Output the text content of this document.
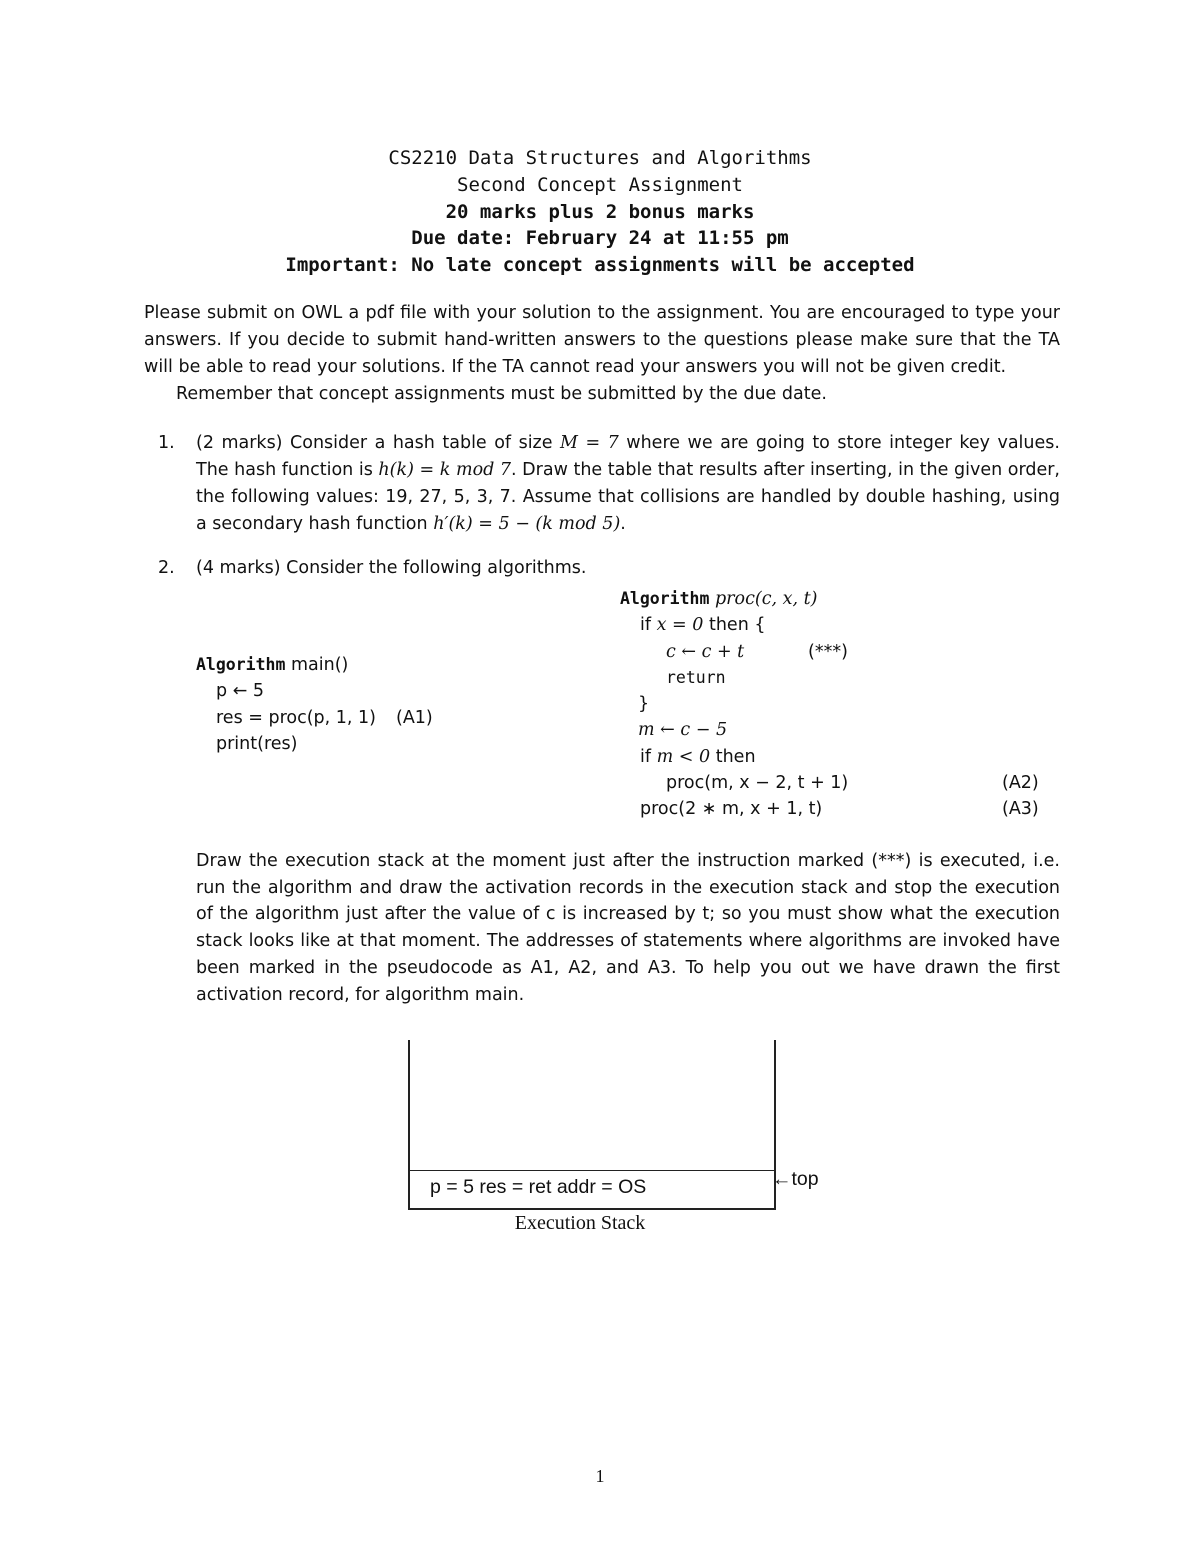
CS2210 Data Structures and Algorithms
Second Concept Assignment
20 marks plus 2 bonus marks
Due date: February 24 at 11:55 pm
Important: No late concept assignments will be accepted

Please submit on OWL a pdf file with your solution to the assignment. You are encouraged to type your answers. If you decide to submit hand-written answers to the questions please make sure that the TA will be able to read your solutions. If the TA cannot read your answers you will not be given credit.

Remember that concept assignments must be submitted by the due date.

1. (2 marks) Consider a hash table of size M = 7 where we are going to store integer key values. The hash function is h(k) = k mod 7. Draw the table that results after inserting, in the given order, the following values: 19, 27, 5, 3, 7. Assume that collisions are handled by double hashing, using a secondary hash function h′(k) = 5 − (k mod 5).
2. (4 marks) Consider the following algorithms.
Algorithm main()
p ← 5
res = proc(p, 1, 1) (A1)
print(res)
Algorithm proc(c, x, t)
if x = 0 then {
c ← c + t	(***)
return
}
m ← c − 5
if m < 0 then
proc(m, x − 2, t + 1)	(A2)
proc(2 ∗ m, x + 1, t)	(A3)
Draw the execution stack at the moment just after the instruction marked (***) is executed, i.e. run the algorithm and draw the activation records in the execution stack and stop the execution of the algorithm just after the value of c is increased by t; so you must show what the execution stack looks like at that moment. The addresses of statements where algorithms are invoked have been marked in the pseudocode as A1, A2, and A3. To help you out we have drawn the first activation record, for algorithm main.
p = 5 res = ret addr = OS	←top
Execution Stack
1
